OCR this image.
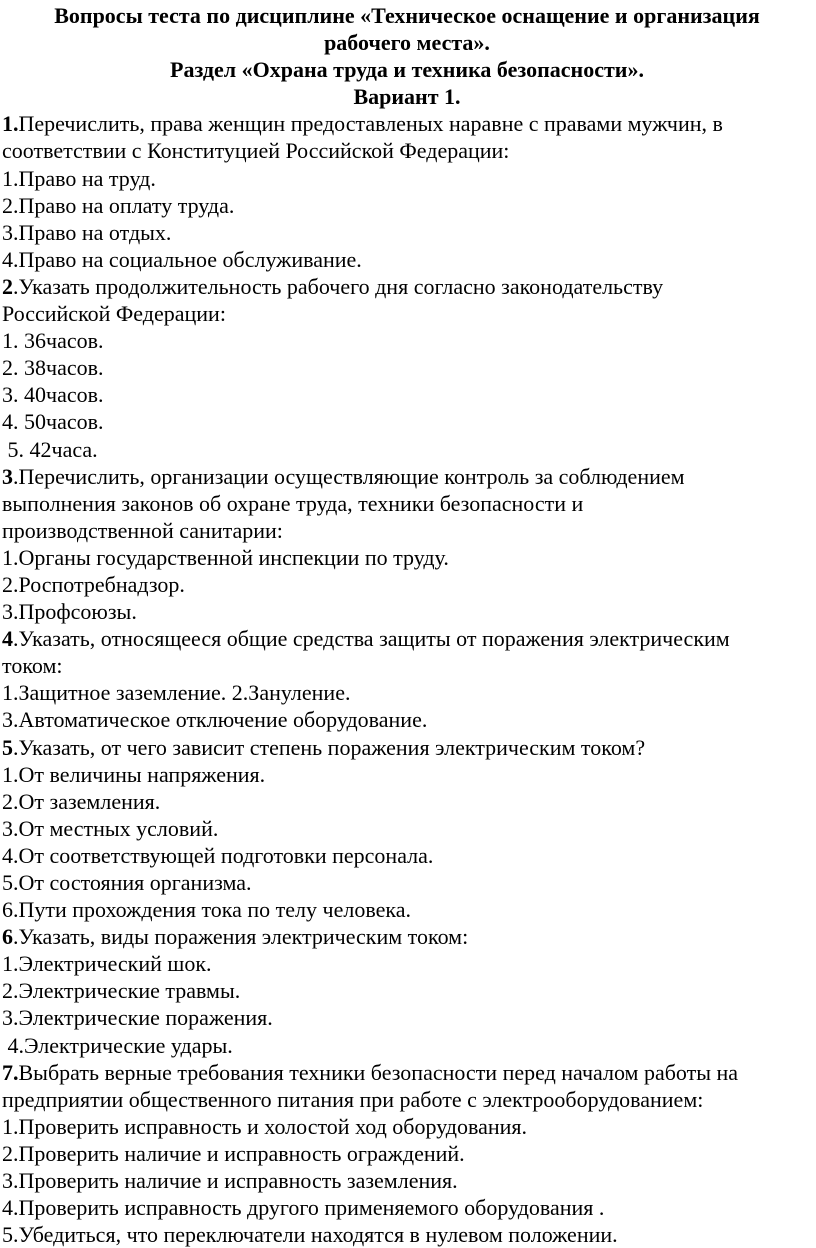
Вопросы теста по дисциплине «Техническое оснащение и организация

рабочего места».

Раздел «Охрана труда и техника безопасности».

Вариант 1.

1.Перечислить, права женщин предоставленых наравне с правами мужчин, в

соответствии с Конституцией Российской Федерации:

1.Право на труд.

2.Право на оплату труда.

3.Право на отдых.

4.Право на социальное обслуживание.

2.Указать продолжительность рабочего дня согласно законодательству

Российской Федерации:

1. 36часов.

2. 38часов.

3. 40часов.

4. 50часов.

5. 42часа.

3.Перечислить, организации осуществляющие контроль за соблюдением

выполнения законов об охране труда, техники безопасности и

производственной санитарии:

1.Органы государственной инспекции по труду.

2.Роспотребнадзор.

3.Профсоюзы.

4.Указать, относящееся общие средства защиты от поражения электрическим

током:

1.Защитное заземление. 2.Зануление.

3.Автоматическое отключение оборудование.

5.Указать, от чего зависит степень поражения электрическим током?

1.От величины напряжения.

2.От заземления.

3.От местных условий.

4.От соответствующей подготовки персонала.

5.От состояния организма.

6.Пути прохождения тока по телу человека.

6.Указать, виды поражения электрическим током:

1.Электрический шок.

2.Электрические травмы.

3.Электрические поражения.

4.Электрические удары.

7.Выбрать верные требования техники безопасности перед началом работы на

предприятии общественного питания при работе с электрооборудованием:

1.Проверить исправность и холостой ход оборудования.

2.Проверить наличие и исправность ограждений.

3.Проверить наличие и исправность заземления.

4.Проверить исправность другого применяемого оборудования .

5.Убедиться, что переключатели находятся в нулевом положении.
